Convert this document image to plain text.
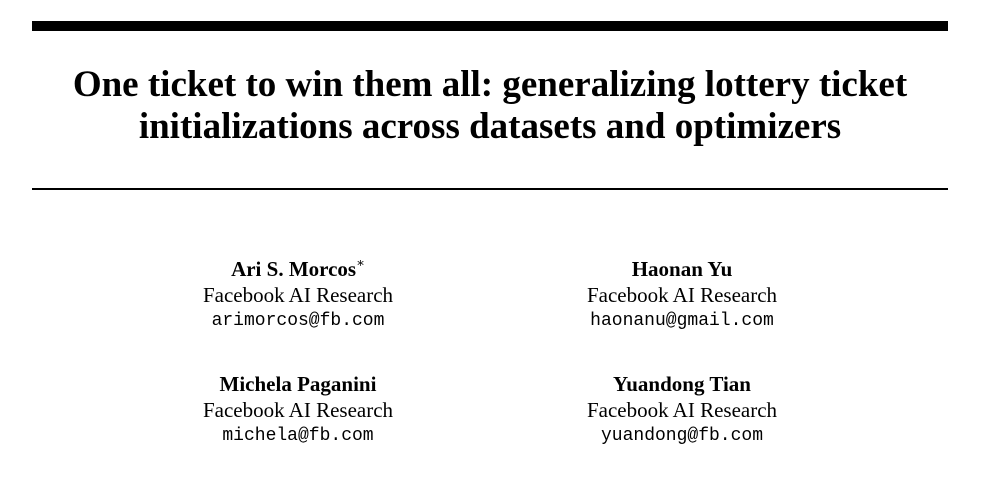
One ticket to win them all: generalizing lottery ticket
initializations across datasets and optimizers
Ari S. Morcos∗
Facebook AI Research
arimorcos@fb.com
Haonan Yu
Facebook AI Research
haonanu@gmail.com
Michela Paganini
Facebook AI Research
michela@fb.com
Yuandong Tian
Facebook AI Research
yuandong@fb.com
